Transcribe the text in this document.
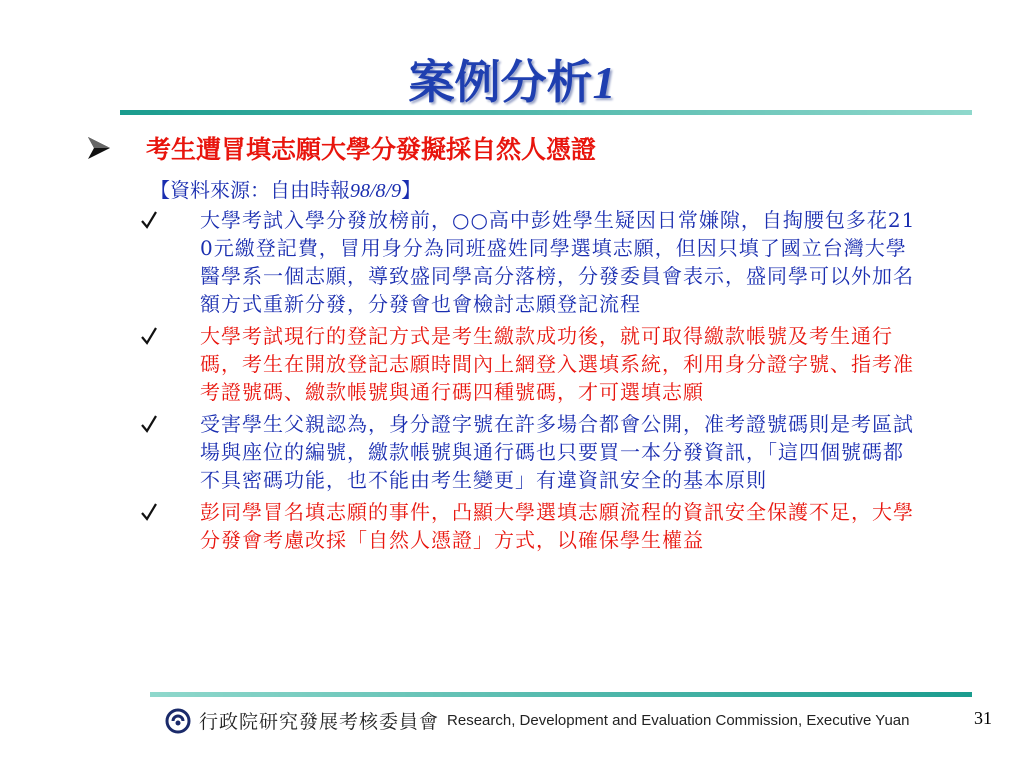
案例分析1
考生遭冒填志願大學分發擬採自然人憑證
【資料來源：自由時報98/8/9】
大學考試入學分發放榜前，○○高中彭姓學生疑因日常嫌隙，自掏腰包多花210元繳登記費，冒用身分為同班盛姓同學選填志願，但因只填了國立台灣大學醫學系一個志願，導致盛同學高分落榜，分發委員會表示，盛同學可以外加名額方式重新分發，分發會也會檢討志願登記流程
大學考試現行的登記方式是考生繳款成功後，就可取得繳款帳號及考生通行碼，考生在開放登記志願時間內上網登入選填系統，利用身分證字號、指考准考證號碼、繳款帳號與通行碼四種號碼，才可選填志願
受害學生父親認為，身分證字號在許多場合都會公開，准考證號碼則是考區試場與座位的編號，繳款帳號與通行碼也只要買一本分發資訊，「這四個號碼都不具密碼功能，也不能由考生變更」有違資訊安全的基本原則
彭同學冒名填志願的事件，凸顯大學選填志願流程的資訊安全保護不足，大學分發會考慮改採「自然人憑證」方式，以確保學生權益
行政院研究發展考核委員會 Research, Development and Evaluation Commission, Executive Yuan	31
